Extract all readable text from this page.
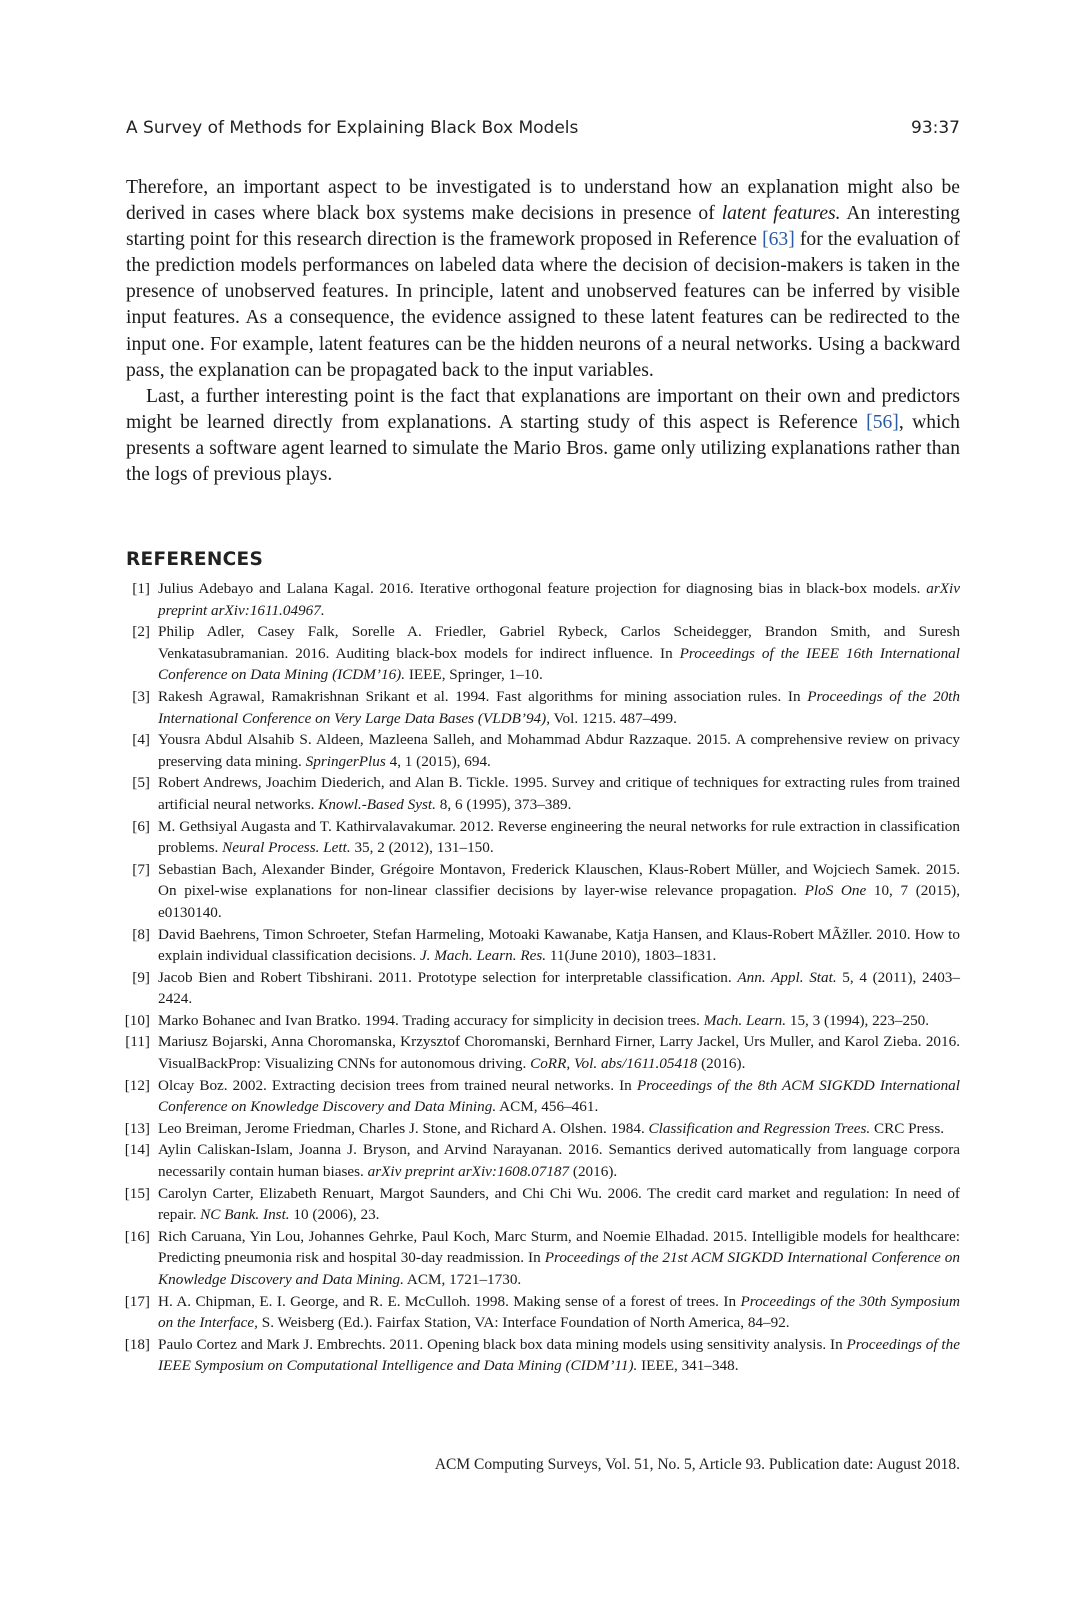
A Survey of Methods for Explaining Black Box Models	93:37

Therefore, an important aspect to be investigated is to understand how an explanation might also be derived in cases where black box systems make decisions in presence of latent features. An interesting starting point for this research direction is the framework proposed in Reference [63] for the evaluation of the prediction models performances on labeled data where the decision of decision-makers is taken in the presence of unobserved features. In principle, latent and unobserved features can be inferred by visible input features. As a consequence, the evidence assigned to these latent features can be redirected to the input one. For example, latent features can be the hidden neurons of a neural networks. Using a backward pass, the explanation can be propagated back to the input variables.

Last, a further interesting point is the fact that explanations are important on their own and predictors might be learned directly from explanations. A starting study of this aspect is Reference [56], which presents a software agent learned to simulate the Mario Bros. game only utilizing explanations rather than the logs of previous plays.

REFERENCES
[1] Julius Adebayo and Lalana Kagal. 2016. Iterative orthogonal feature projection for diagnosing bias in black-box models. arXiv preprint arXiv:1611.04967.
[2] Philip Adler, Casey Falk, Sorelle A. Friedler, Gabriel Rybeck, Carlos Scheidegger, Brandon Smith, and Suresh Venkatasubramanian. 2016. Auditing black-box models for indirect influence. In Proceedings of the IEEE 16th International Conference on Data Mining (ICDM’16). IEEE, Springer, 1–10.
[3] Rakesh Agrawal, Ramakrishnan Srikant et al. 1994. Fast algorithms for mining association rules. In Proceedings of the 20th International Conference on Very Large Data Bases (VLDB’94), Vol. 1215. 487–499.
[4] Yousra Abdul Alsahib S. Aldeen, Mazleena Salleh, and Mohammad Abdur Razzaque. 2015. A comprehensive review on privacy preserving data mining. SpringerPlus 4, 1 (2015), 694.
[5] Robert Andrews, Joachim Diederich, and Alan B. Tickle. 1995. Survey and critique of techniques for extracting rules from trained artificial neural networks. Knowl.-Based Syst. 8, 6 (1995), 373–389.
[6] M. Gethsiyal Augasta and T. Kathirvalavakumar. 2012. Reverse engineering the neural networks for rule extraction in classification problems. Neural Process. Lett. 35, 2 (2012), 131–150.
[7] Sebastian Bach, Alexander Binder, Grégoire Montavon, Frederick Klauschen, Klaus-Robert Müller, and Wojciech Samek. 2015. On pixel-wise explanations for non-linear classifier decisions by layer-wise relevance propagation. PloS One 10, 7 (2015), e0130140.
[8] David Baehrens, Timon Schroeter, Stefan Harmeling, Motoaki Kawanabe, Katja Hansen, and Klaus-Robert MÃžller. 2010. How to explain individual classification decisions. J. Mach. Learn. Res. 11(June 2010), 1803–1831.
[9] Jacob Bien and Robert Tibshirani. 2011. Prototype selection for interpretable classification. Ann. Appl. Stat. 5, 4 (2011), 2403–2424.
[10] Marko Bohanec and Ivan Bratko. 1994. Trading accuracy for simplicity in decision trees. Mach. Learn. 15, 3 (1994), 223–250.
[11] Mariusz Bojarski, Anna Choromanska, Krzysztof Choromanski, Bernhard Firner, Larry Jackel, Urs Muller, and Karol Zieba. 2016. VisualBackProp: Visualizing CNNs for autonomous driving. CoRR, Vol. abs/1611.05418 (2016).
[12] Olcay Boz. 2002. Extracting decision trees from trained neural networks. In Proceedings of the 8th ACM SIGKDD International Conference on Knowledge Discovery and Data Mining. ACM, 456–461.
[13] Leo Breiman, Jerome Friedman, Charles J. Stone, and Richard A. Olshen. 1984. Classification and Regression Trees. CRC Press.
[14] Aylin Caliskan-Islam, Joanna J. Bryson, and Arvind Narayanan. 2016. Semantics derived automatically from language corpora necessarily contain human biases. arXiv preprint arXiv:1608.07187 (2016).
[15] Carolyn Carter, Elizabeth Renuart, Margot Saunders, and Chi Chi Wu. 2006. The credit card market and regulation: In need of repair. NC Bank. Inst. 10 (2006), 23.
[16] Rich Caruana, Yin Lou, Johannes Gehrke, Paul Koch, Marc Sturm, and Noemie Elhadad. 2015. Intelligible models for healthcare: Predicting pneumonia risk and hospital 30-day readmission. In Proceedings of the 21st ACM SIGKDD International Conference on Knowledge Discovery and Data Mining. ACM, 1721–1730.
[17] H. A. Chipman, E. I. George, and R. E. McCulloh. 1998. Making sense of a forest of trees. In Proceedings of the 30th Symposium on the Interface, S. Weisberg (Ed.). Fairfax Station, VA: Interface Foundation of North America, 84–92.
[18] Paulo Cortez and Mark J. Embrechts. 2011. Opening black box data mining models using sensitivity analysis. In Proceedings of the IEEE Symposium on Computational Intelligence and Data Mining (CIDM’11). IEEE, 341–348.
ACM Computing Surveys, Vol. 51, No. 5, Article 93. Publication date: August 2018.
